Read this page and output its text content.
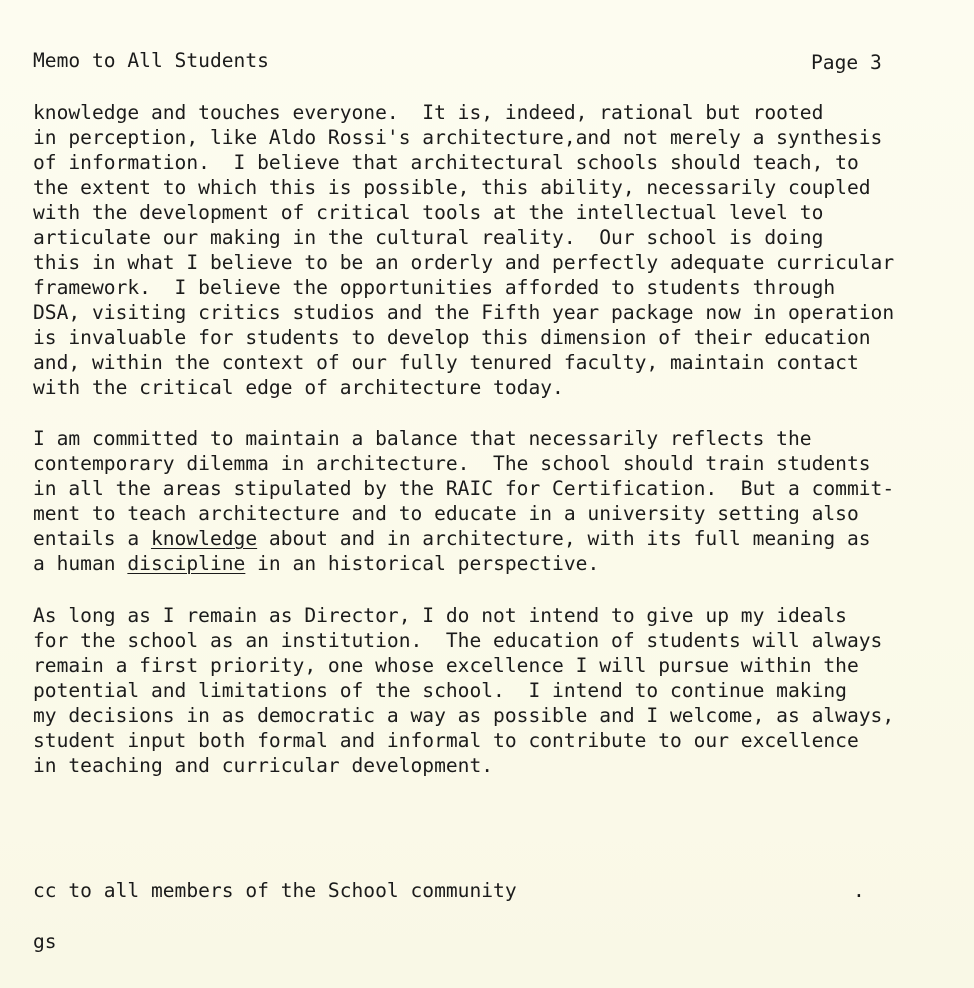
Memo to All Students	Page 3
knowledge and touches everyone.  It is, indeed, rational but rooted
in perception, like Aldo Rossi's architecture,and not merely a synthesis
of information.  I believe that architectural schools should teach, to
the extent to which this is possible, this ability, necessarily coupled
with the development of critical tools at the intellectual level to
articulate our making in the cultural reality.  Our school is doing
this in what I believe to be an orderly and perfectly adequate curricular
framework.  I believe the opportunities afforded to students through
DSA, visiting critics studios and the Fifth year package now in operation
is invaluable for students to develop this dimension of their education
and, within the context of our fully tenured faculty, maintain contact
with the critical edge of architecture today.
I am committed to maintain a balance that necessarily reflects the
contemporary dilemma in architecture.  The school should train students
in all the areas stipulated by the RAIC for Certification.  But a commit-
ment to teach architecture and to educate in a university setting also
entails a knowledge about and in architecture, with its full meaning as
a human discipline in an historical perspective.
As long as I remain as Director, I do not intend to give up my ideals
for the school as an institution.  The education of students will always
remain a first priority, one whose excellence I will pursue within the
potential and limitations of the school.  I intend to continue making
my decisions in as democratic a way as possible and I welcome, as always,
student input both formal and informal to contribute to our excellence
in teaching and curricular development.
cc to all members of the School community	.
gs
